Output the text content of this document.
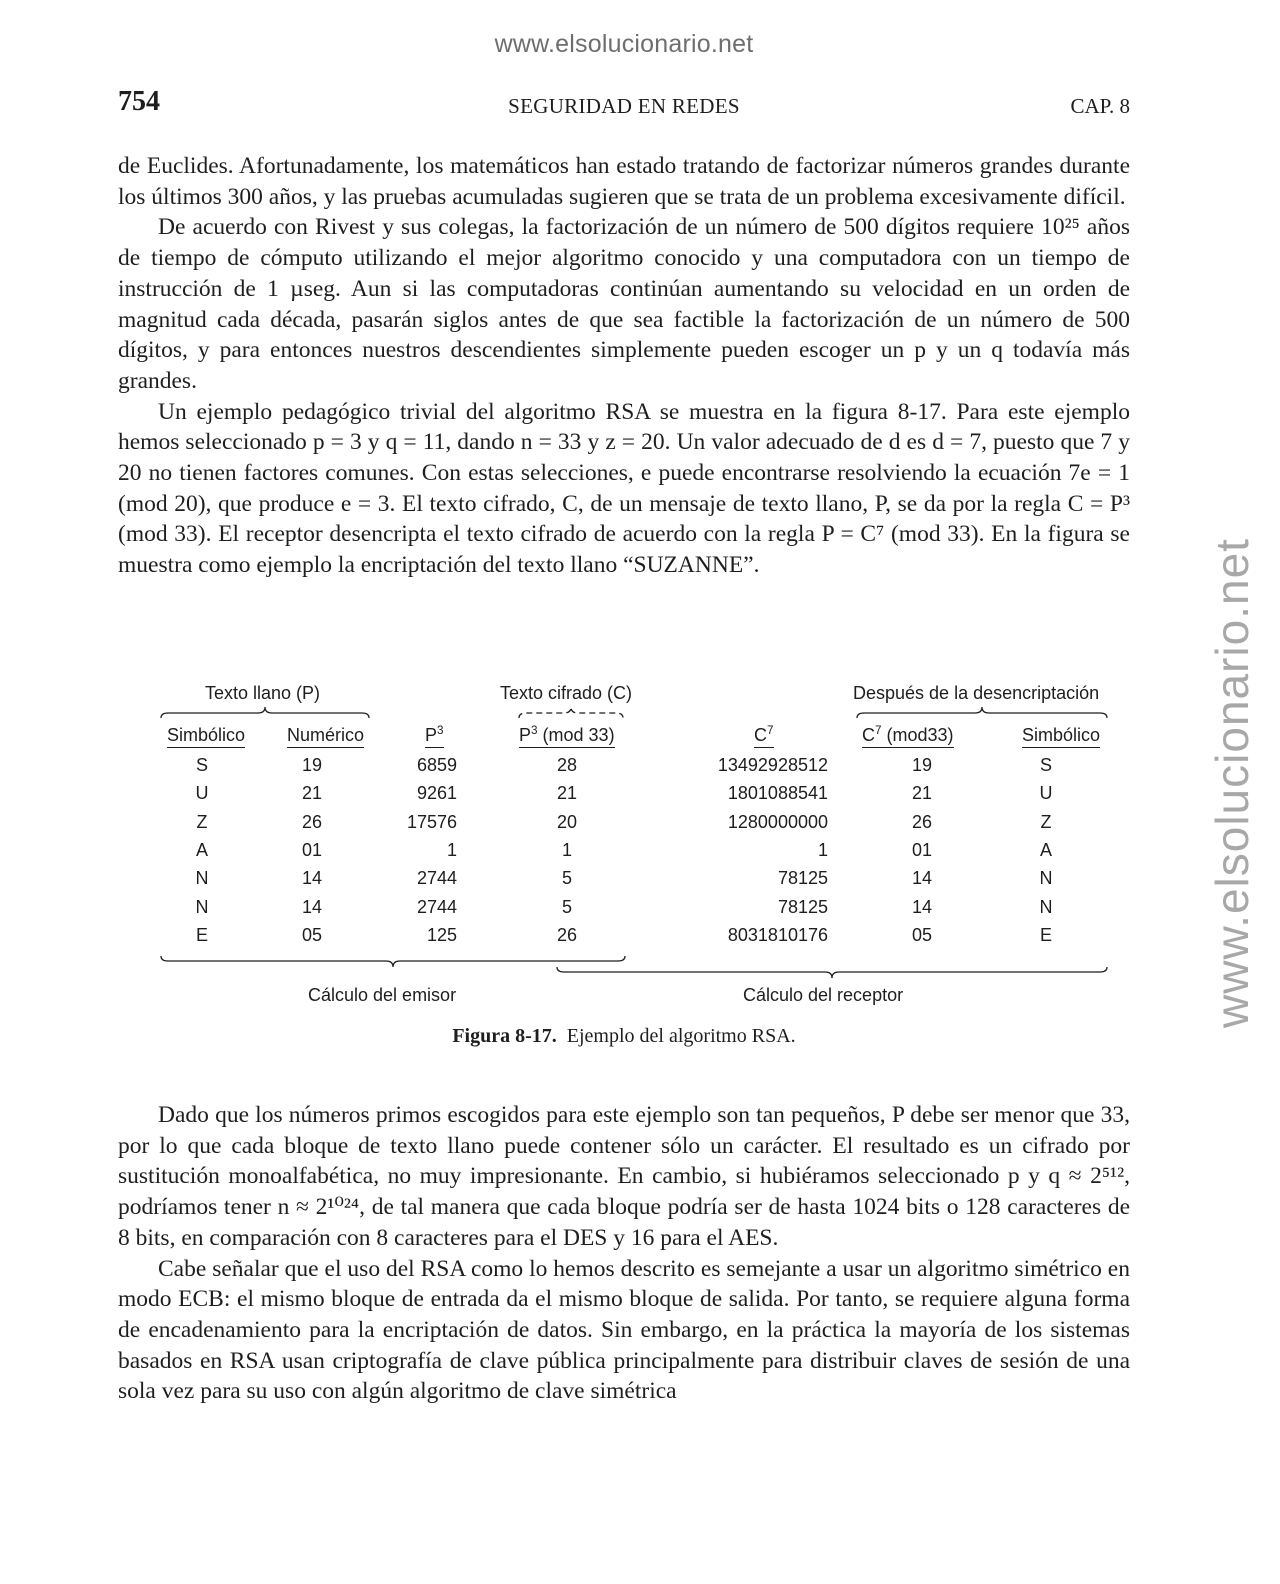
www.elsolucionario.net
www.elsolucionario.net
754	SEGURIDAD EN REDES	CAP. 8

de Euclides. Afortunadamente, los matemáticos han estado tratando de factorizar números grandes durante los últimos 300 años, y las pruebas acumuladas sugieren que se trata de un problema excesivamente difícil.

De acuerdo con Rivest y sus colegas, la factorización de un número de 500 dígitos requiere 10²⁵ años de tiempo de cómputo utilizando el mejor algoritmo conocido y una computadora con un tiempo de instrucción de 1 µseg. Aun si las computadoras continúan aumentando su velocidad en un orden de magnitud cada década, pasarán siglos antes de que sea factible la factorización de un número de 500 dígitos, y para entonces nuestros descendientes simplemente pueden escoger un p y un q todavía más grandes.

Un ejemplo pedagógico trivial del algoritmo RSA se muestra en la figura 8-17. Para este ejemplo hemos seleccionado p = 3 y q = 11, dando n = 33 y z = 20. Un valor adecuado de d es d = 7, puesto que 7 y 20 no tienen factores comunes. Con estas selecciones, e puede encontrarse resolviendo la ecuación 7e = 1 (mod 20), que produce e = 3. El texto cifrado, C, de un mensaje de texto llano, P, se da por la regla C = P³ (mod 33). El receptor desencripta el texto cifrado de acuerdo con la regla P = C⁷ (mod 33). En la figura se muestra como ejemplo la encriptación del texto llano “SUZANNE”.

Texto llano (P)	Texto cifrado (C)	Después de la desencriptación
Simbólico Numérico	$P^3$	$P^3$ (mod 33)	$C^7$	$C^7$ (mod33)	Simbólico
S	19	6859	28	13492928512	19	S
U	21	9261	21	1801088541	21	U
Z	26	17576	20	1280000000	26	Z
A	01	1	1	1	01	A
N	14	2744	5	78125	14	N
N	14	2744	5	78125	14	N
E	05	125	26	8031810176	05	E
Cálculo del emisor	Cálculo del receptor
Figura 8-17. Ejemplo del algoritmo RSA.

Dado que los números primos escogidos para este ejemplo son tan pequeños, P debe ser menor que 33, por lo que cada bloque de texto llano puede contener sólo un carácter. El resultado es un cifrado por sustitución monoalfabética, no muy impresionante. En cambio, si hubiéramos seleccionado p y q ≈ 2⁵¹², podríamos tener n ≈ 2¹⁰²⁴, de tal manera que cada bloque podría ser de hasta 1024 bits o 128 caracteres de 8 bits, en comparación con 8 caracteres para el DES y 16 para el AES.

Cabe señalar que el uso del RSA como lo hemos descrito es semejante a usar un algoritmo simétrico en modo ECB: el mismo bloque de entrada da el mismo bloque de salida. Por tanto, se requiere alguna forma de encadenamiento para la encriptación de datos. Sin embargo, en la práctica la mayoría de los sistemas basados en RSA usan criptografía de clave pública principalmente para distribuir claves de sesión de una sola vez para su uso con algún algoritmo de clave simétrica
